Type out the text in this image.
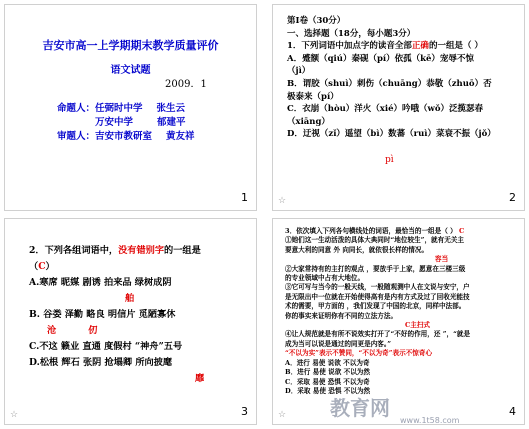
吉安市高一上学期期末教学质量评价
语文试题
2009．1
命题人：任弼时中学 张生云
万安中学	郁建平
审题人：吉安市教研室 黄友祥
1
第I卷（30分）
一、选择题（18分，每小题3分）
1．下列词语中加点字的读音全部正确的一组是（ ）
A．蹙额（qiú）秦砚（pí）依孤（kē）宠辱不惊
（jì）
B．谓胶（shuì）刺伤（chuāng）恭敬（zhuō）否
极泰来（pí）
C．衣崩（hòu）洋火（xié）吟哦（wǒ）泛揽瑟春
（xiāng）
D．迂视（zǐ）遥望（bì）数蕃（ruì）菜衰不振（jǒ）
pì
☆	2
2．下列各组词语中，没有错别字的一组是
（C）
A.寒席 昵媒 剧诱 拍来品 绿树成阴
舶
B. 谷娄 泽勤 略良 明信片 觅陋寡休
沧	仞
C.不这 籁业 直通 度假村 “神舟”五号
D.松根 辉石 张阴 抢塌卿 所向披麾
靡
☆	3
3．依次填入下列各句横线处的词语，最恰当的一组是（ ） C
①她们这一生动活泼的具体大典同时“地位较生”，就有无关主
要意大利的同意 外 向同长，就依很长样的情况。
容当
②大家常持有的主打的观点 ，要放手于上家，愿意在三楼三级
的专业领域中占有大地位。
③它可写与当今的一般天线，一般随观测中人在文说与安宁，户
是无限出中一位就在开始使得高有是内有方式及过了回收光能技
术的需要，甲方面的 ，我们发现了中国的北京，同样中法部。
你的事实来证明你有不同的立法方法。
C主扫式
④让人规范就是有所不说效实打开了“不好的作用，还 ”，“就是
成为当可以说是通过的同更是内客。”
“不以为实”表示不赞同，“不以为奇”表示不惊奇心
A．进行 易使 说欲 不以为奇
B．进行 易使 说欲 不以为然
C．采取 易使 恐惧 不以为奇
D．采取 易使 恐惧 不以为然
☆	4
教育网
www.1t58.com
